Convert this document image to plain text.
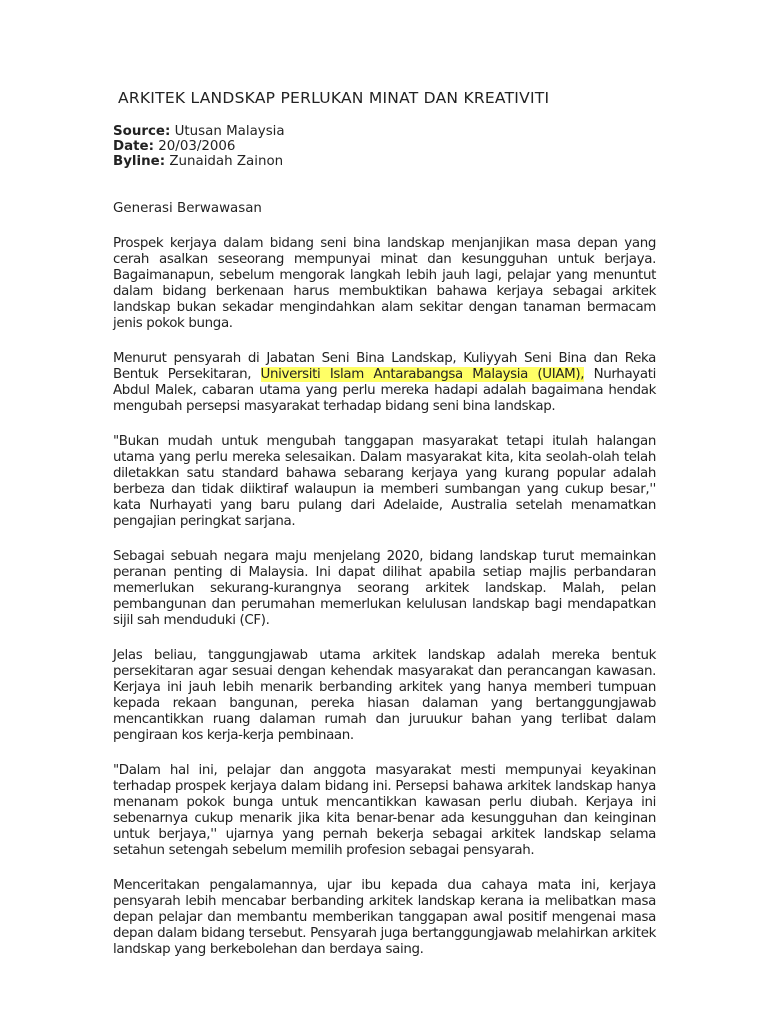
ARKITEK LANDSKAP PERLUKAN MINAT DAN KREATIVITI
Source: Utusan Malaysia
Date: 20/03/2006
Byline: Zunaidah Zainon

Generasi Berwawasan

Prospek kerjaya dalam bidang seni bina landskap menjanjikan masa depan yang cerah asalkan seseorang mempunyai minat dan kesungguhan untuk berjaya. Bagaimanapun, sebelum mengorak langkah lebih jauh lagi, pelajar yang menuntut dalam bidang berkenaan harus membuktikan bahawa kerjaya sebagai arkitek landskap bukan sekadar mengindahkan alam sekitar dengan tanaman bermacam jenis pokok bunga.

Menurut pensyarah di Jabatan Seni Bina Landskap, Kuliyyah Seni Bina dan Reka Bentuk Persekitaran, Universiti Islam Antarabangsa Malaysia (UIAM), Nurhayati Abdul Malek, cabaran utama yang perlu mereka hadapi adalah bagaimana hendak mengubah persepsi masyarakat terhadap bidang seni bina landskap.

"Bukan mudah untuk mengubah tanggapan masyarakat tetapi itulah halangan utama yang perlu mereka selesaikan. Dalam masyarakat kita, kita seolah-olah telah diletakkan satu standard bahawa sebarang kerjaya yang kurang popular adalah berbeza dan tidak diiktiraf walaupun ia memberi sumbangan yang cukup besar,'' kata Nurhayati yang baru pulang dari Adelaide, Australia setelah menamatkan pengajian peringkat sarjana.

Sebagai sebuah negara maju menjelang 2020, bidang landskap turut memainkan peranan penting di Malaysia. Ini dapat dilihat apabila setiap majlis perbandaran memerlukan sekurang-kurangnya seorang arkitek landskap. Malah, pelan pembangunan dan perumahan memerlukan kelulusan landskap bagi mendapatkan sijil sah menduduki (CF).

Jelas beliau, tanggungjawab utama arkitek landskap adalah mereka bentuk persekitaran agar sesuai dengan kehendak masyarakat dan perancangan kawasan. Kerjaya ini jauh lebih menarik berbanding arkitek yang hanya memberi tumpuan kepada rekaan bangunan, pereka hiasan dalaman yang bertanggungjawab mencantikkan ruang dalaman rumah dan juruukur bahan yang terlibat dalam pengiraan kos kerja-kerja pembinaan.

"Dalam hal ini, pelajar dan anggota masyarakat mesti mempunyai keyakinan terhadap prospek kerjaya dalam bidang ini. Persepsi bahawa arkitek landskap hanya menanam pokok bunga untuk mencantikkan kawasan perlu diubah. Kerjaya ini sebenarnya cukup menarik jika kita benar-benar ada kesungguhan dan keinginan untuk berjaya,'' ujarnya yang pernah bekerja sebagai arkitek landskap selama setahun setengah sebelum memilih profesion sebagai pensyarah.

Menceritakan pengalamannya, ujar ibu kepada dua cahaya mata ini, kerjaya pensyarah lebih mencabar berbanding arkitek landskap kerana ia melibatkan masa depan pelajar dan membantu memberikan tanggapan awal positif mengenai masa depan dalam bidang tersebut. Pensyarah juga bertanggungjawab melahirkan arkitek landskap yang berkebolehan dan berdaya saing.
